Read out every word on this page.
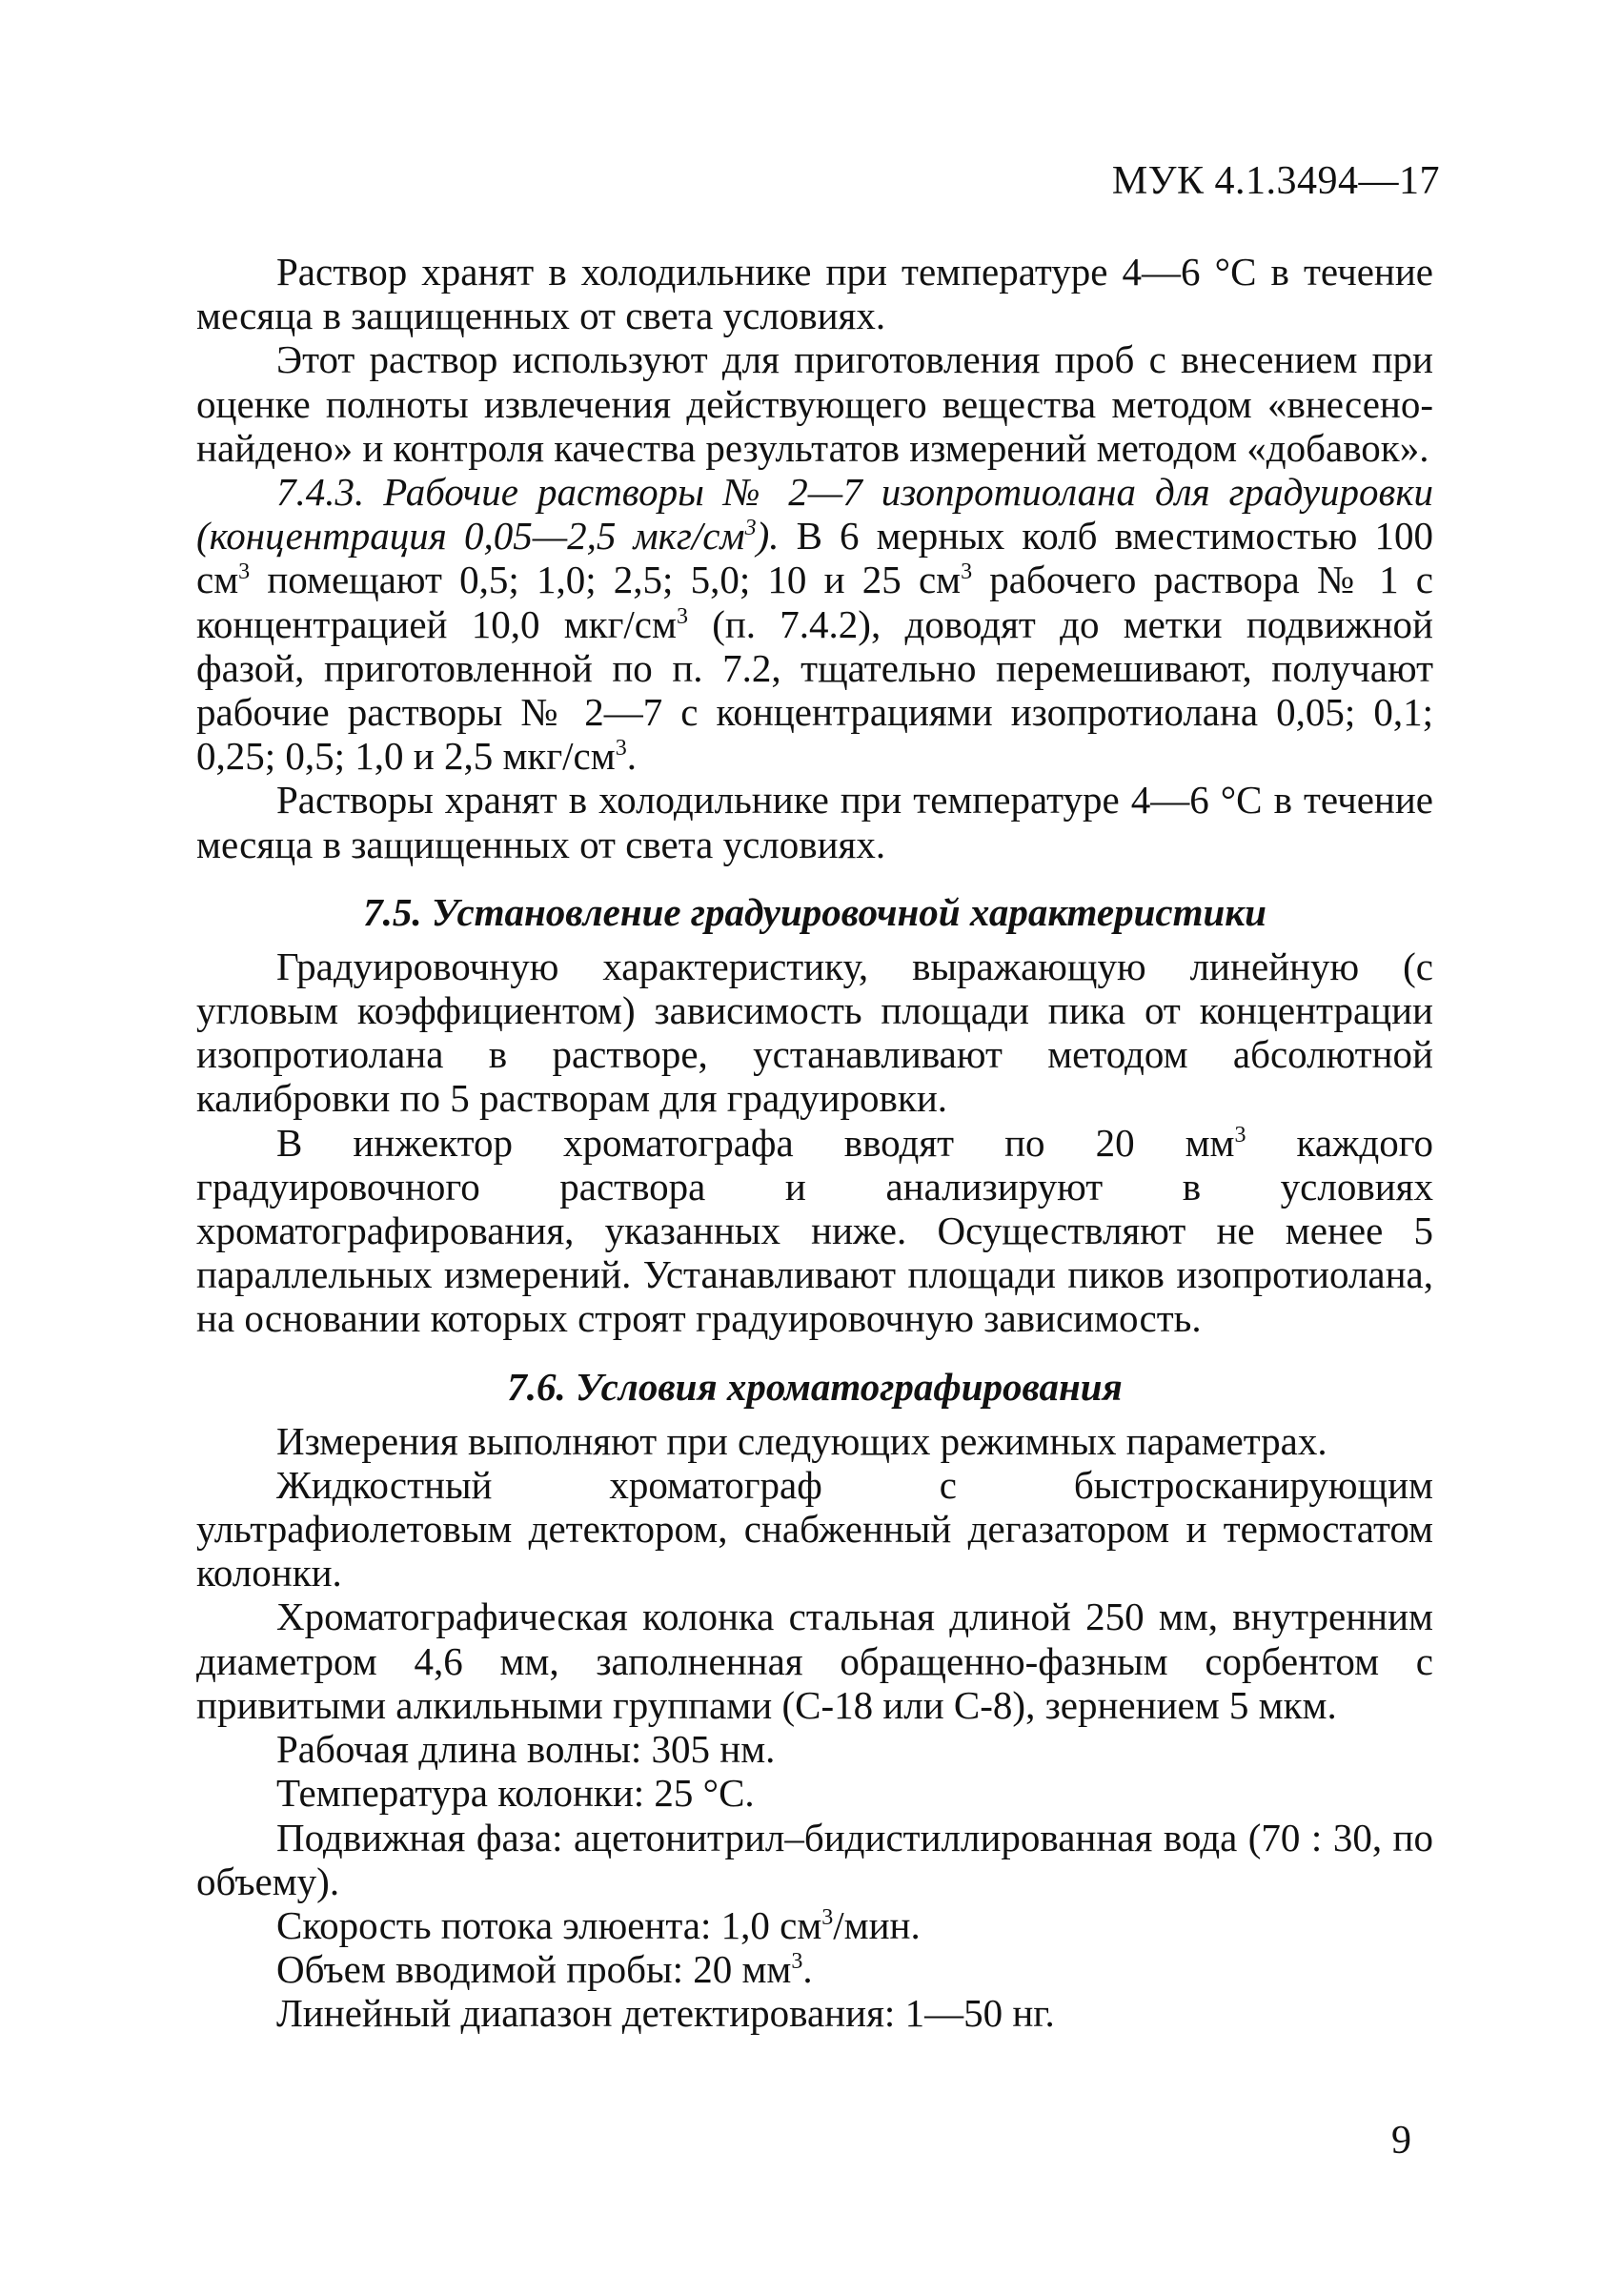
МУК 4.1.3494—17

Раствор хранят в холодильнике при температуре 4—6 °С в течение месяца в защищенных от света условиях.

Этот раствор используют для приготовления проб с внесением при оценке полноты извлечения действующего вещества методом «внесено-найдено» и контроля качества результатов измерений методом «добавок».

7.4.3. Рабочие растворы № 2—7 изопротиолана для градуировки (концентрация 0,05—2,5 мкг/$см^3$). В 6 мерных колб вместимостью 100 $см^3$ помещают 0,5; 1,0; 2,5; 5,0; 10 и 25 $см^3$ рабочего раствора № 1 с концентрацией 10,0 мкг/$см^3$ (п. 7.4.2), доводят до метки подвижной фазой, приготовленной по п. 7.2, тщательно перемешивают, получают рабочие растворы № 2—7 с концентрациями изопротиолана 0,05; 0,1; 0,25; 0,5; 1,0 и 2,5 мкг/$см^3$.

Растворы хранят в холодильнике при температуре 4—6 °С в течение месяца в защищенных от света условиях.

7.5. Установление градуировочной характеристики

Градуировочную характеристику, выражающую линейную (с угловым коэффициентом) зависимость площади пика от концентрации изопротиолана в растворе, устанавливают методом абсолютной калибровки по 5 растворам для градуировки.

В инжектор хроматографа вводят по 20 $мм^3$ каждого градуировочного раствора и анализируют в условиях хроматографирования, указанных ниже. Осуществляют не менее 5 параллельных измерений. Устанавливают площади пиков изопротиолана, на основании которых строят градуировочную зависимость.

7.6. Условия хроматографирования

Измерения выполняют при следующих режимных параметрах.

Жидкостный хроматограф с быстросканирующим ультрафиолетовым детектором, снабженный дегазатором и термостатом колонки.

Хроматографическая колонка стальная длиной 250 мм, внутренним диаметром 4,6 мм, заполненная обращенно-фазным сорбентом с привитыми алкильными группами (С-18 или С-8), зернением 5 мкм.

Рабочая длина волны: 305 нм.

Температура колонки: 25 °С.

Подвижная фаза: ацетонитрил–бидистиллированная вода (70 : 30, по объему).

Скорость потока элюента: 1,0 $см^3$/мин.

Объем вводимой пробы: 20 $мм^3$.

Линейный диапазон детектирования: 1—50 нг.

9
